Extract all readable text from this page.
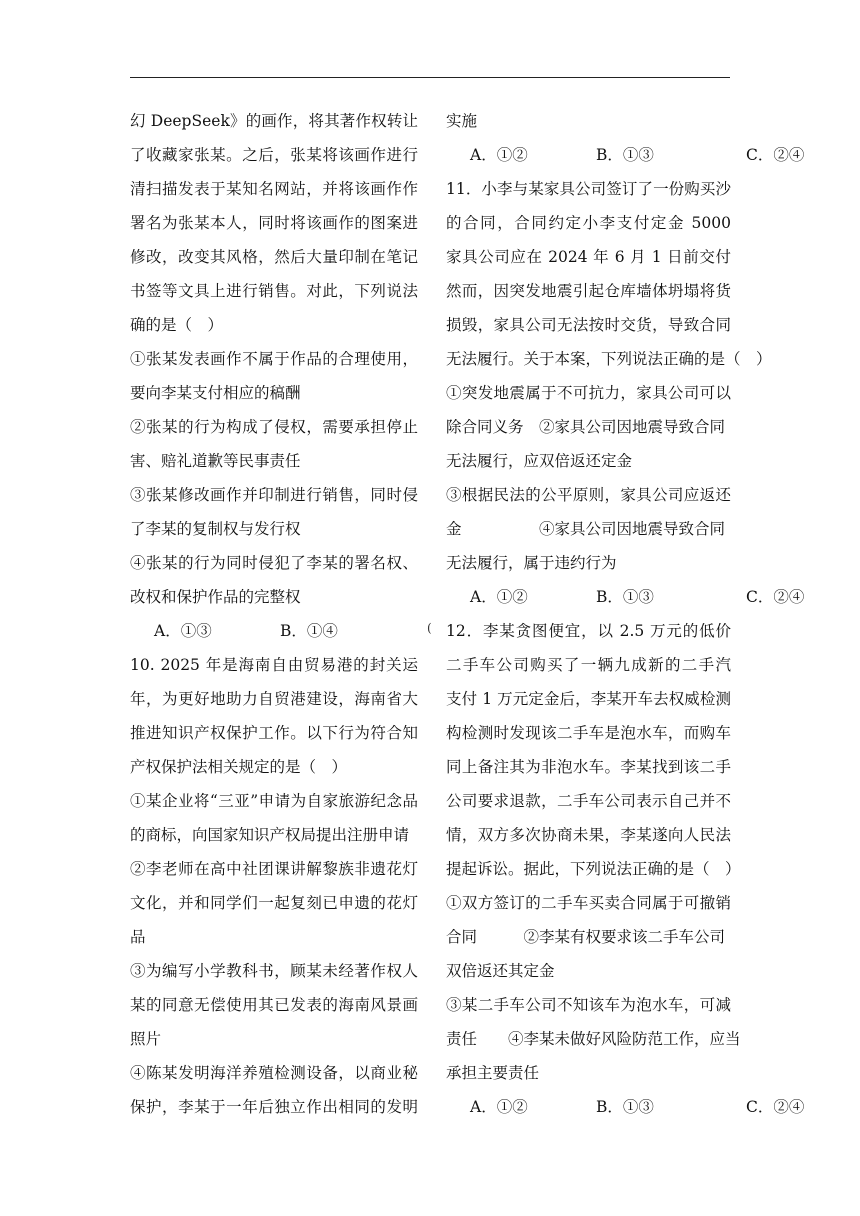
幻 DeepSeek》的画作，将其著作权转让
了收藏家张某。之后，张某将该画作进行
清扫描发表于某知名网站，并将该画作作
署名为张某本人，同时将该画作的图案进
修改，改变其风格，然后大量印制在笔记
书签等文具上进行销售。对此，下列说法
确的是（　）
①张某发表画作不属于作品的合理使用，
要向李某支付相应的稿酬
②张某的行为构成了侵权，需要承担停止
害、赔礼道歉等民事责任
③张某修改画作并印制进行销售，同时侵
了李某的复制权与发行权
④张某的行为同时侵犯了李某的署名权、
改权和保护作品的完整权
A．①③	B．①④
10. 2025 年是海南自由贸易港的封关运
年，为更好地助力自贸港建设，海南省大
推进知识产权保护工作。以下行为符合知
产权保护法相关规定的是（　）
①某企业将“三亚”申请为自家旅游纪念品
的商标，向国家知识产权局提出注册申请
②李老师在高中社团课讲解黎族非遗花灯
文化，并和同学们一起复刻已申遗的花灯
品
③为编写小学教科书，顾某未经著作权人
某的同意无偿使用其已发表的海南风景画
照片
④陈某发明海洋养殖检测设备，以商业秘
保护，李某于一年后独立作出相同的发明
实施
A．①②	B．①③	C．②④
11．小李与某家具公司签订了一份购买沙
的合同，合同约定小李支付定金 5000
家具公司应在 2024 年 6 月 1 日前交付
然而，因突发地震引起仓库墙体坍塌将货
损毁，家具公司无法按时交货，导致合同
无法履行。关于本案，下列说法正确的是（　）
①突发地震属于不可抗力，家具公司可以
除合同义务　②家具公司因地震导致合同
无法履行，应双倍返还定金
③根据民法的公平原则，家具公司应返还
金　　　　　④家具公司因地震导致合同
无法履行，属于违约行为
A．①②	B．①③	C．②④
12．李某贪图便宜，以 2.5 万元的低价
二手车公司购买了一辆九成新的二手汽
支付 1 万元定金后，李某开车去权威检测
构检测时发现该二手车是泡水车，而购车
同上备注其为非泡水车。李某找到该二手
公司要求退款，二手车公司表示自己并不
情，双方多次协商未果，李某遂向人民法
提起诉讼。据此，下列说法正确的是（　）
①双方签订的二手车买卖合同属于可撤销
合同　　　②李某有权要求该二手车公司
双倍返还其定金
③某二手车公司不知该车为泡水车，可减
责任　　④李某未做好风险防范工作，应当
承担主要责任
A．①②	B．①③	C．②④
(
